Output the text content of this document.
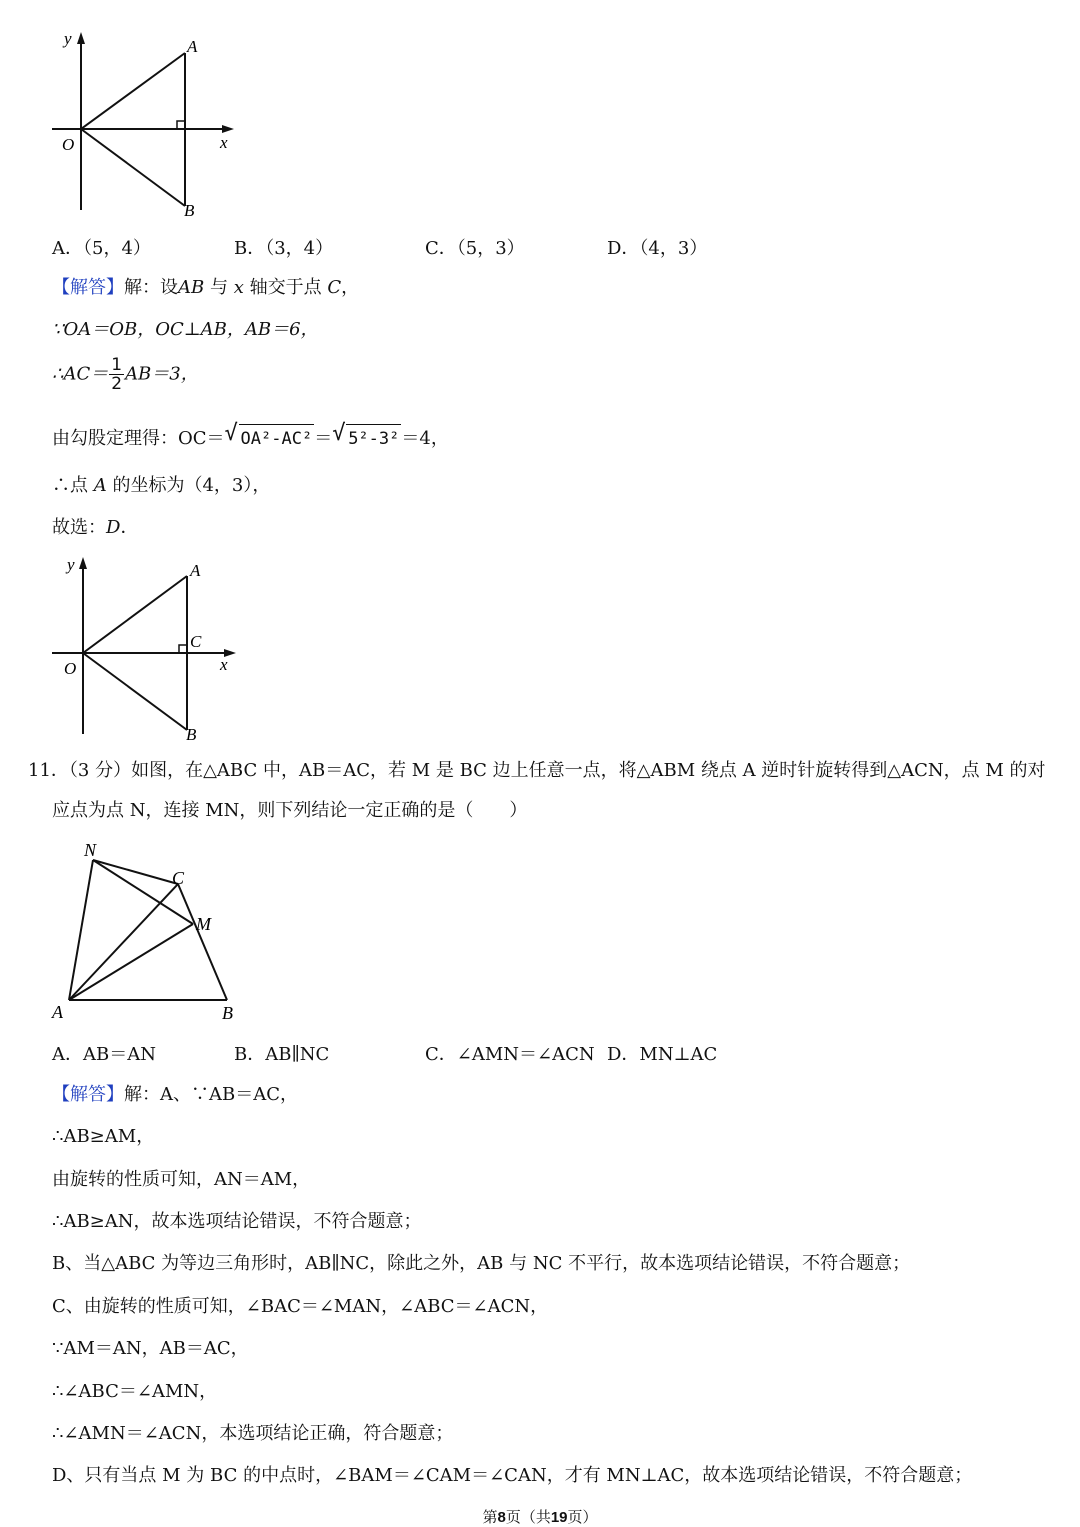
y	A
O	x
B
A．（5，4）	B．（3，4）	C．（5，3）	D．（4，3）
【解答】解：设AB 与 x 轴交于点 C，
∵OA＝OB，OC⊥AB，AB＝6，
∴AC＝ $\frac{1}{2} AB=3$，
由勾股定理得：OC＝ √ OA²-AC² ＝ √ 5²-3² ＝4，
∴点 A 的坐标为（4，3），
故选：D．
y	A
C
O	x
B
11．（3 分）如图，在△ABC 中，AB＝AC，若 M 是 BC 边上任意一点，将△ABM 绕点 A 逆时针旋转得到△ACN，点 M 的对
应点为点 N，连接 MN，则下列结论一定正确的是（　　）
N
C
M
A	B
A．AB＝AN	B．AB∥NC	C．∠AMN＝∠ACN D．MN⊥AC
【解答】解：A、∵AB＝AC，
∴AB≥AM，
由旋转的性质可知，AN＝AM，
∴AB≥AN，故本选项结论错误，不符合题意；
B、当△ABC 为等边三角形时，AB∥NC，除此之外，AB 与 NC 不平行，故本选项结论错误，不符合题意；
C、由旋转的性质可知，∠BAC＝∠MAN，∠ABC＝∠ACN，
∵AM＝AN，AB＝AC，
∴∠ABC＝∠AMN，
∴∠AMN＝∠ACN，本选项结论正确，符合题意；
D、只有当点 M 为 BC 的中点时，∠BAM＝∠CAM＝∠CAN，才有 MN⊥AC，故本选项结论错误，不符合题意；
第8页（共19页）
